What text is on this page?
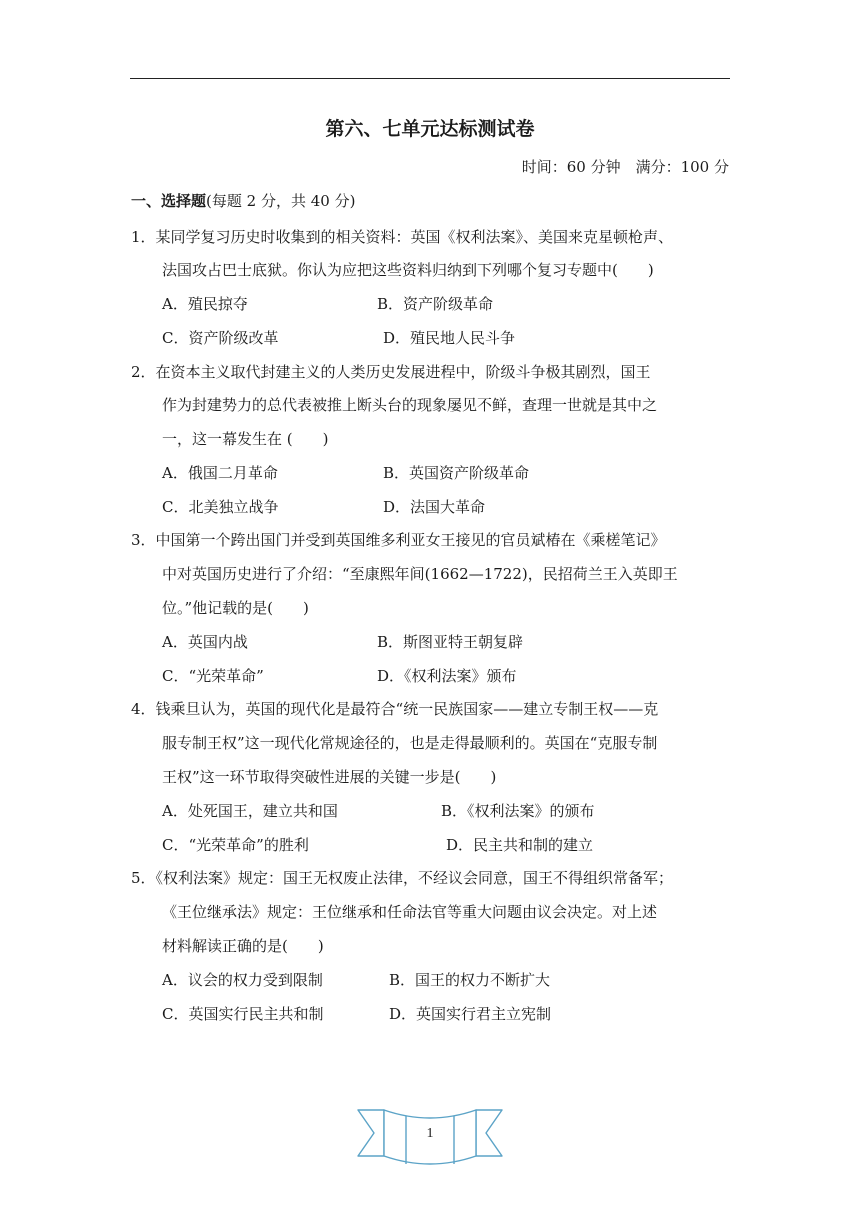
第六、七单元达标测试卷
时间：60 分钟　满分：100 分
一、选择题(每题 2 分，共 40 分)
1．某同学复习历史时收集到的相关资料：英国《权利法案》、美国来克星顿枪声、
法国攻占巴士底狱。你认为应把这些资料归纳到下列哪个复习专题中(　　)
A．殖民掠夺	B．资产阶级革命
C．资产阶级改革	D．殖民地人民斗争
2．在资本主义取代封建主义的人类历史发展进程中，阶级斗争极其剧烈，国王
作为封建势力的总代表被推上断头台的现象屡见不鲜，查理一世就是其中之
一，这一幕发生在 (　　)
A．俄国二月革命	B．英国资产阶级革命
C．北美独立战争	D．法国大革命
3．中国第一个跨出国门并受到英国维多利亚女王接见的官员斌椿在《乘槎笔记》
中对英国历史进行了介绍：“至康熙年间(1662—1722)，民招荷兰王入英即王
位。”他记载的是(　　)
A．英国内战	B．斯图亚特王朝复辟
C．“光荣革命”	D．《权利法案》颁布
4．钱乘旦认为，英国的现代化是最符合“统一民族国家——建立专制王权——克
服专制王权”这一现代化常规途径的，也是走得最顺利的。英国在“克服专制
王权”这一环节取得突破性进展的关键一步是(　　)
A．处死国王，建立共和国	B．《权利法案》的颁布
C．“光荣革命”的胜利	D．民主共和制的建立
5．《权利法案》规定：国王无权废止法律，不经议会同意，国王不得组织常备军；
《王位继承法》规定：王位继承和任命法官等重大问题由议会决定。对上述
材料解读正确的是(　　)
A．议会的权力受到限制	B．国王的权力不断扩大
C．英国实行民主共和制	D．英国实行君主立宪制
1
